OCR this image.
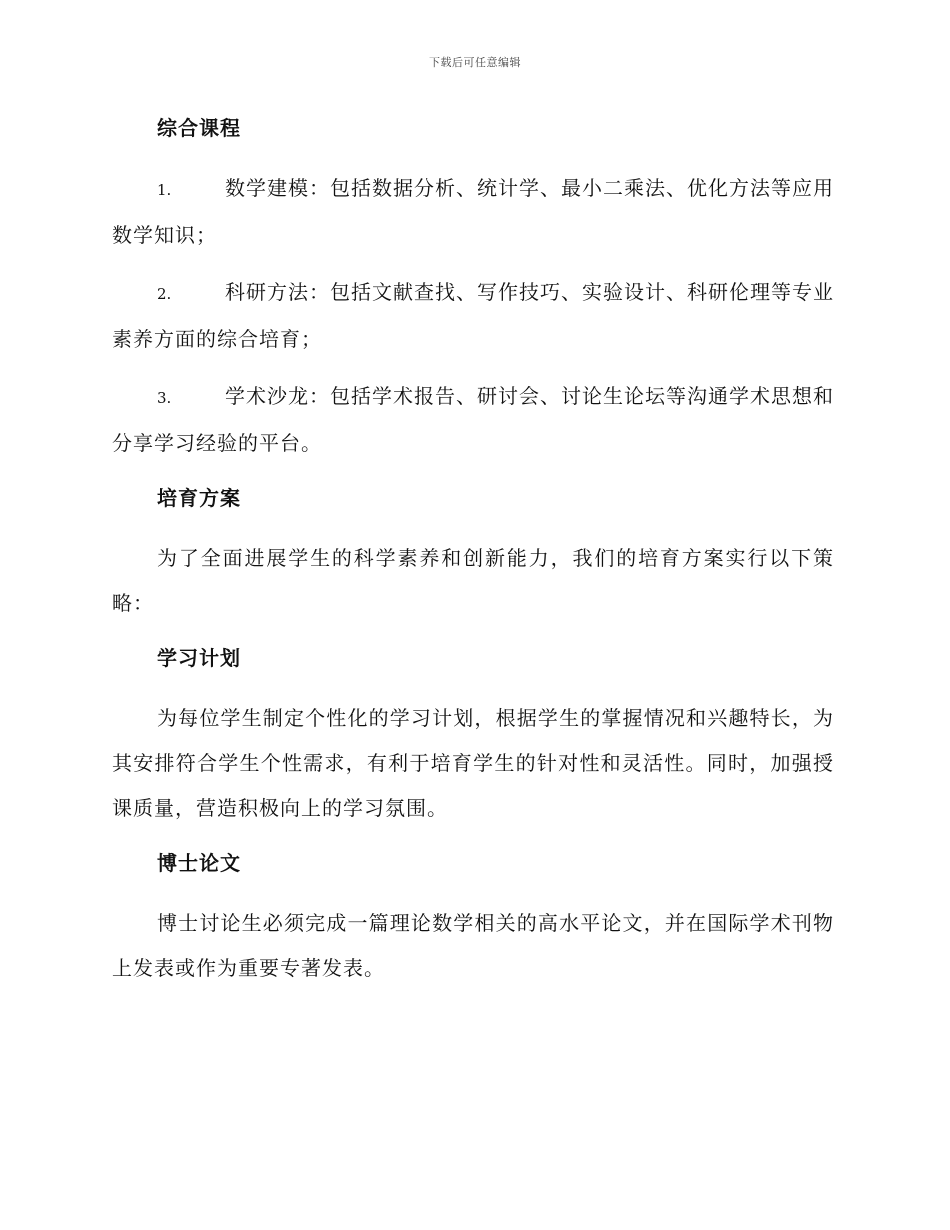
下载后可任意编辑
综合课程
1.	数学建模：包括数据分析、统计学、最小二乘法、优化方法等应用数学知识；
2.	科研方法：包括文献查找、写作技巧、实验设计、科研伦理等专业素养方面的综合培育；
3.	学术沙龙：包括学术报告、研讨会、讨论生论坛等沟通学术思想和分享学习经验的平台。
培育方案
为了全面进展学生的科学素养和创新能力，我们的培育方案实行以下策略：
学习计划
为每位学生制定个性化的学习计划，根据学生的掌握情况和兴趣特长，为其安排符合学生个性需求，有利于培育学生的针对性和灵活性。同时，加强授课质量，营造积极向上的学习氛围。
博士论文
博士讨论生必须完成一篇理论数学相关的高水平论文，并在国际学术刊物上发表或作为重要专著发表。
